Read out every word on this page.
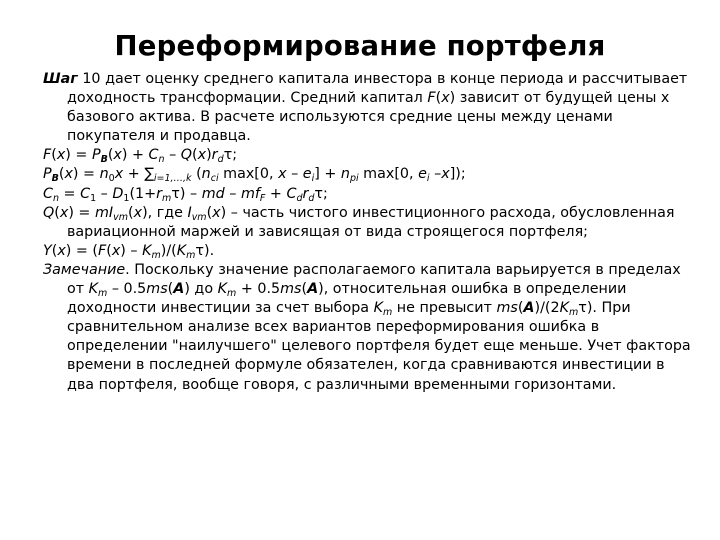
Переформирование портфеля

Шаг 10 дает оценку среднего капитала инвестора в конце периода и рассчитывает доходность трансформации. Средний капитал F(x) зависит от будущей цены х базового актива. В расчете используются средние цены между ценами покупателя и продавца.

$F(x) = P_B(x) + C_n - Q(x)r_d\tau$;

$P_B(x) = n_0x + \sum_{i=1,\dots,k}$ ($n_{ci}$ max[0, $x - e_i] + n_{pi}$ max[0, $e_i$ –x]);

$C_n = C_1 - D_1(1+r_m\tau)$ – md – $mf_F + C_dr_d\tau$;

$Q(x) = mI_{vm}(x)$, где $I_{vm}(x)$ – часть чистого инвестиционного расхода, обусловленная вариационной маржей и зависящая от вида строящегося портфеля;

$Y(x) = (F(x) - K_m)/(K_m\tau)$.

Замечание. Поскольку значение располагаемого капитала варьируется в пределах от $K_m - 0.5ms(A)$ до $K_m + 0.5ms(A)$, относительная ошибка в определении доходности инвестиции за счет выбора $K_m$ не превысит $ms(A)/(2K_m\tau)$. При сравнительном анализе всех вариантов переформирования ошибка в определении "наилучшего" целевого портфеля будет еще меньше. Учет фактора времени в последней формуле обязателен, когда сравниваются инвестиции в два портфеля, вообще говоря, с различными временными горизонтами.
